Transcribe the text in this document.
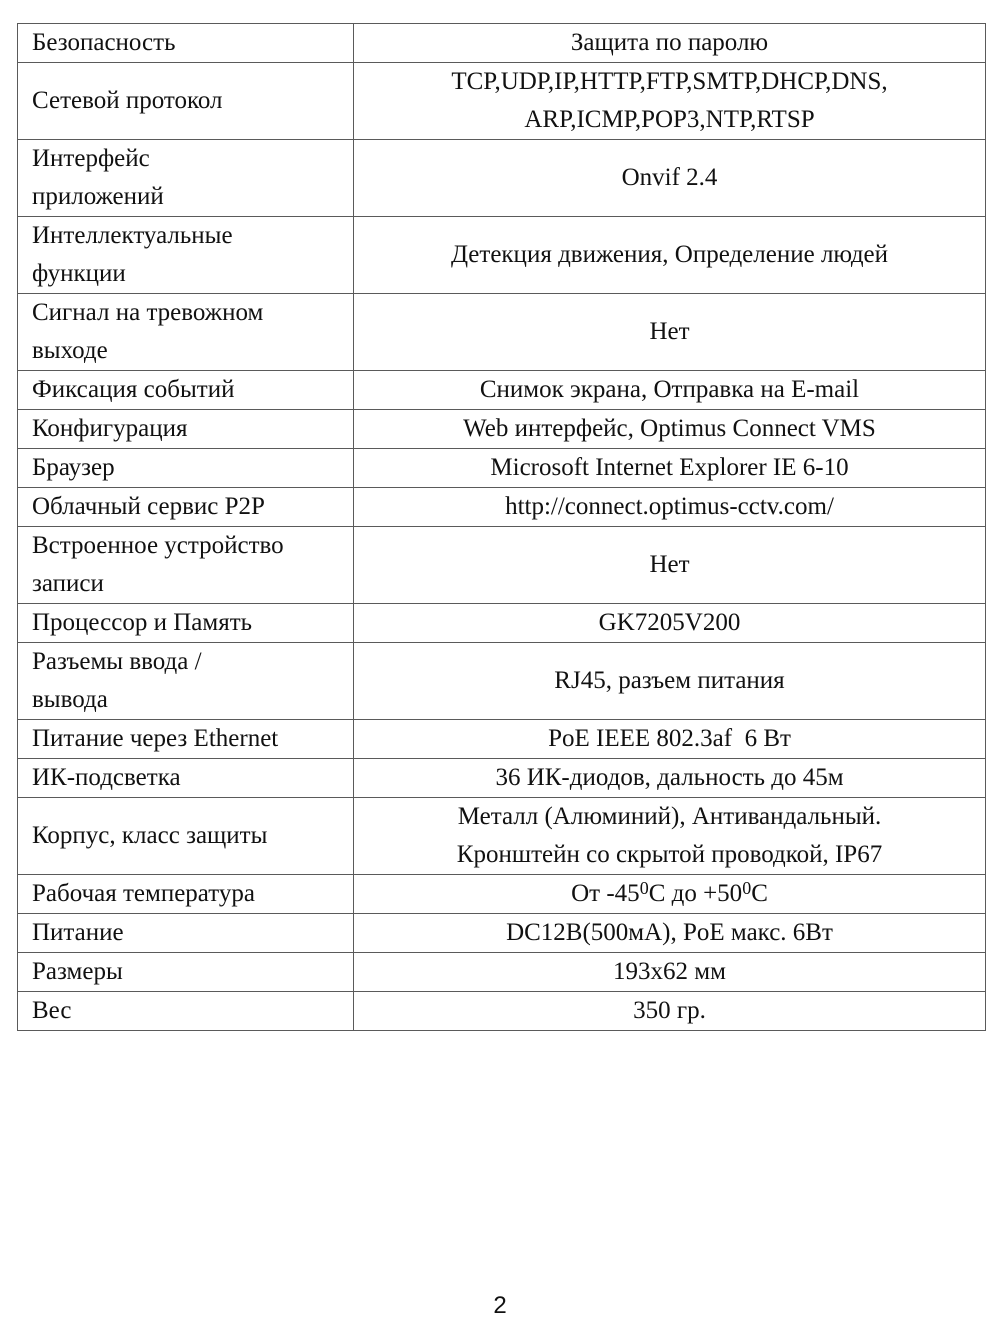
Безопасность	Защита по паролю
Сетевой протокол	TCP,UDP,IP,HTTP,FTP,SMTP,DHCP,DNS,
ARP,ICMP,POP3,NTP,RTSP

Интерфейс
приложений	Onvif 2.4

Интеллектуальные
функции	Детекция движения, Определение людей

Сигнал на тревожном
выходе	Нет
Фиксация событий	Снимок экрана, Отправка на E-mail
Конфигурация	Web интерфейс, Optimus Connect VMS
Браузер	Microsoft Internet Explorer IE 6-10
Облачный сервис P2P	http://connect.optimus-cctv.com/

Встроенное устройство
записи	Нет
Процессор и Память	GK7205V200

Разъемы ввода /
вывода	RJ45, разъем питания
Питание через Ethernet	PoE IEEE 802.3af  6 Вт
ИК-подсветка	36 ИК-диодов, дальность до 45м
Корпус, класс защиты	Металл (Алюминий), Антивандальный.
Кронштейн со скрытой проводкой, IP67

Рабочая температура	От $-45^0C$ до $+50^0C$
Питание	DC12В(500мА), PoE макс. 6Вт
Размеры	193x62 мм
Вес	350 гр.
2
